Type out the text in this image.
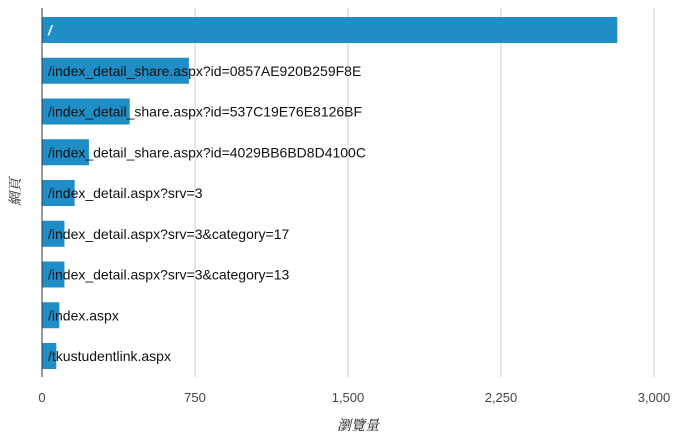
/
/index_detail_share.aspx?id=0857AE920B259F8E
/index_detail_share.aspx?id=537C19E76E8126BF
/index_detail_share.aspx?id=4029BB6BD8D4100C
/index_detail.aspx?srv=3
/index_detail.aspx?srv=3&category=17
/index_detail.aspx?srv=3&category=13
/index.aspx
/tkustudentlink.aspx
0	750	1,500	2,250	3,000
瀏覽量
網頁
